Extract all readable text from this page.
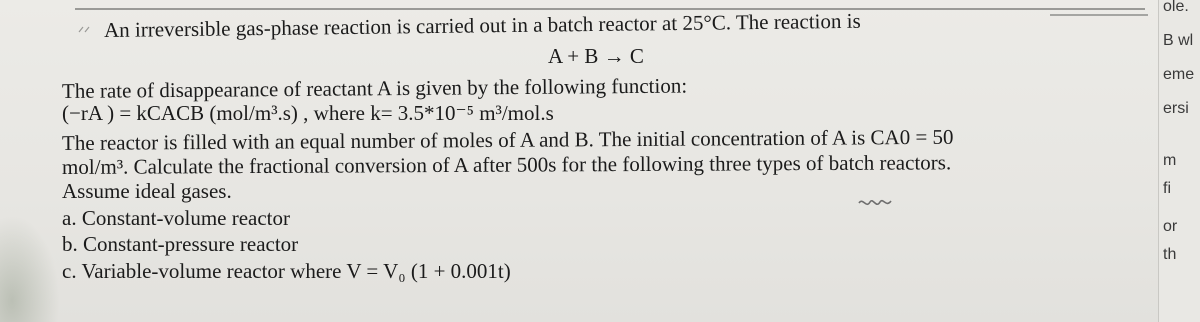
An irreversible gas-phase reaction is carried out in a batch reactor at 25°C. The reaction is
A + B → C
The rate of disappearance of reactant A is given by the following function:
(−rA ) = kCACB (mol/m³.s) , where k= 3.5*10⁻⁵ m³/mol.s
The reactor is filled with an equal number of moles of A and B. The initial concentration of A is CA0 = 50
mol/m³. Calculate the fractional conversion of A after 500s for the following three types of batch reactors.
Assume ideal gases.
a. Constant-volume reactor
b. Constant-pressure reactor
c. Variable-volume reactor where V = V₀ (1 + 0.001t)
ole.
B wl
eme
ersi
m
fi
or
th
